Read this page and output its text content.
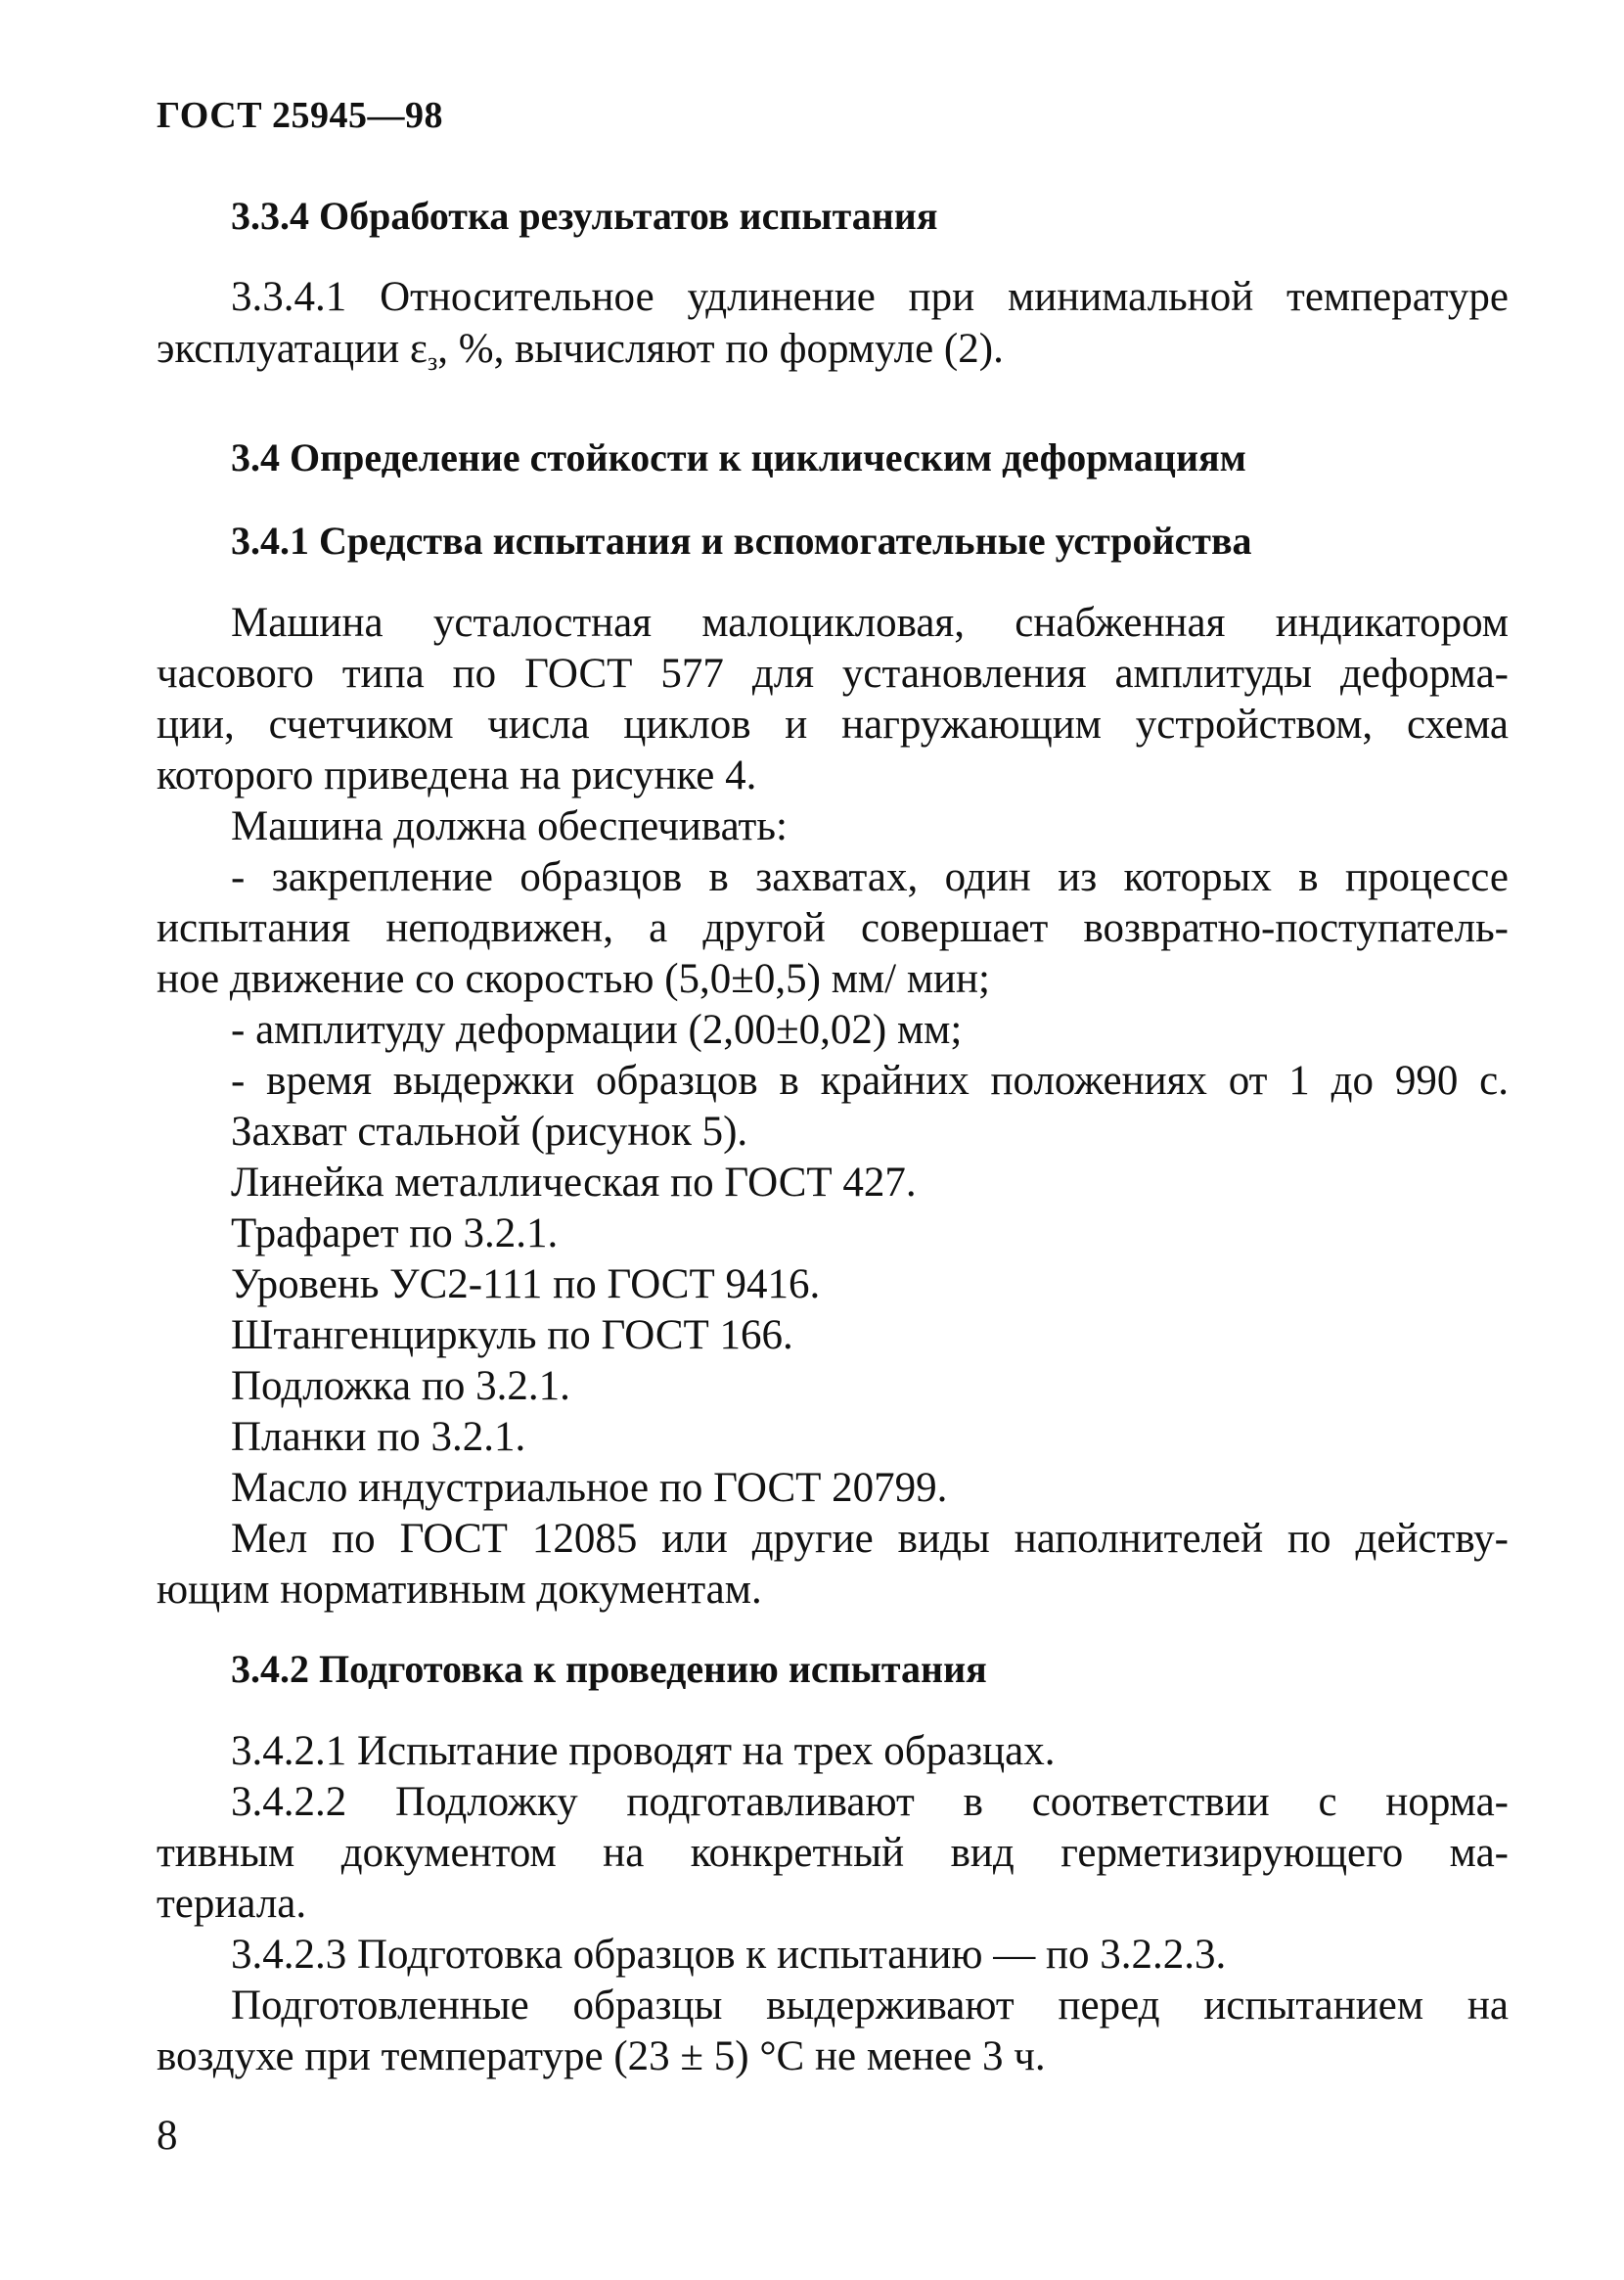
ГОСТ 25945—98
3.3.4 Обработка результатов испытания
3.3.4.1 Относительное удлинение при минимальной температуре
эксплуатации $\varepsilon_з$, %, вычисляют по формуле (2).
3.4 Определение стойкости к циклическим деформациям
3.4.1 Средства испытания и вспомогательные устройства
Машина усталостная малоцикловая, снабженная индикатором
часового типа по ГОСТ 577 для установления амплитуды деформа-
ции, счетчиком числа циклов и нагружающим устройством, схема
которого приведена на рисунке 4.
Машина должна обеспечивать:
- закрепление образцов в захватах, один из которых в процессе
испытания неподвижен, а другой совершает возвратно-поступатель-
ное движение со скоростью (5,0±0,5) мм/ мин;
- амплитуду деформации (2,00±0,02) мм;
- время выдержки образцов в крайних положениях от 1 до 990 с.
Захват стальной (рисунок 5).
Линейка металлическая по ГОСТ 427.
Трафарет по 3.2.1.
Уровень УС2-111 по ГОСТ 9416.
Штангенциркуль по ГОСТ 166.
Подложка по 3.2.1.
Планки по 3.2.1.
Масло индустриальное по ГОСТ 20799.
Мел по ГОСТ 12085 или другие виды наполнителей по действу-
ющим нормативным документам.
3.4.2 Подготовка к проведению испытания
3.4.2.1 Испытание проводят на трех образцах.
3.4.2.2 Подложку подготавливают в соответствии с норма-
тивным документом на конкретный вид герметизирующего ма-
териала.
3.4.2.3 Подготовка образцов к испытанию — по 3.2.2.3.
Подготовленные образцы выдерживают перед испытанием на
воздухе при температуре (23 ± 5) °С не менее 3 ч.
8
